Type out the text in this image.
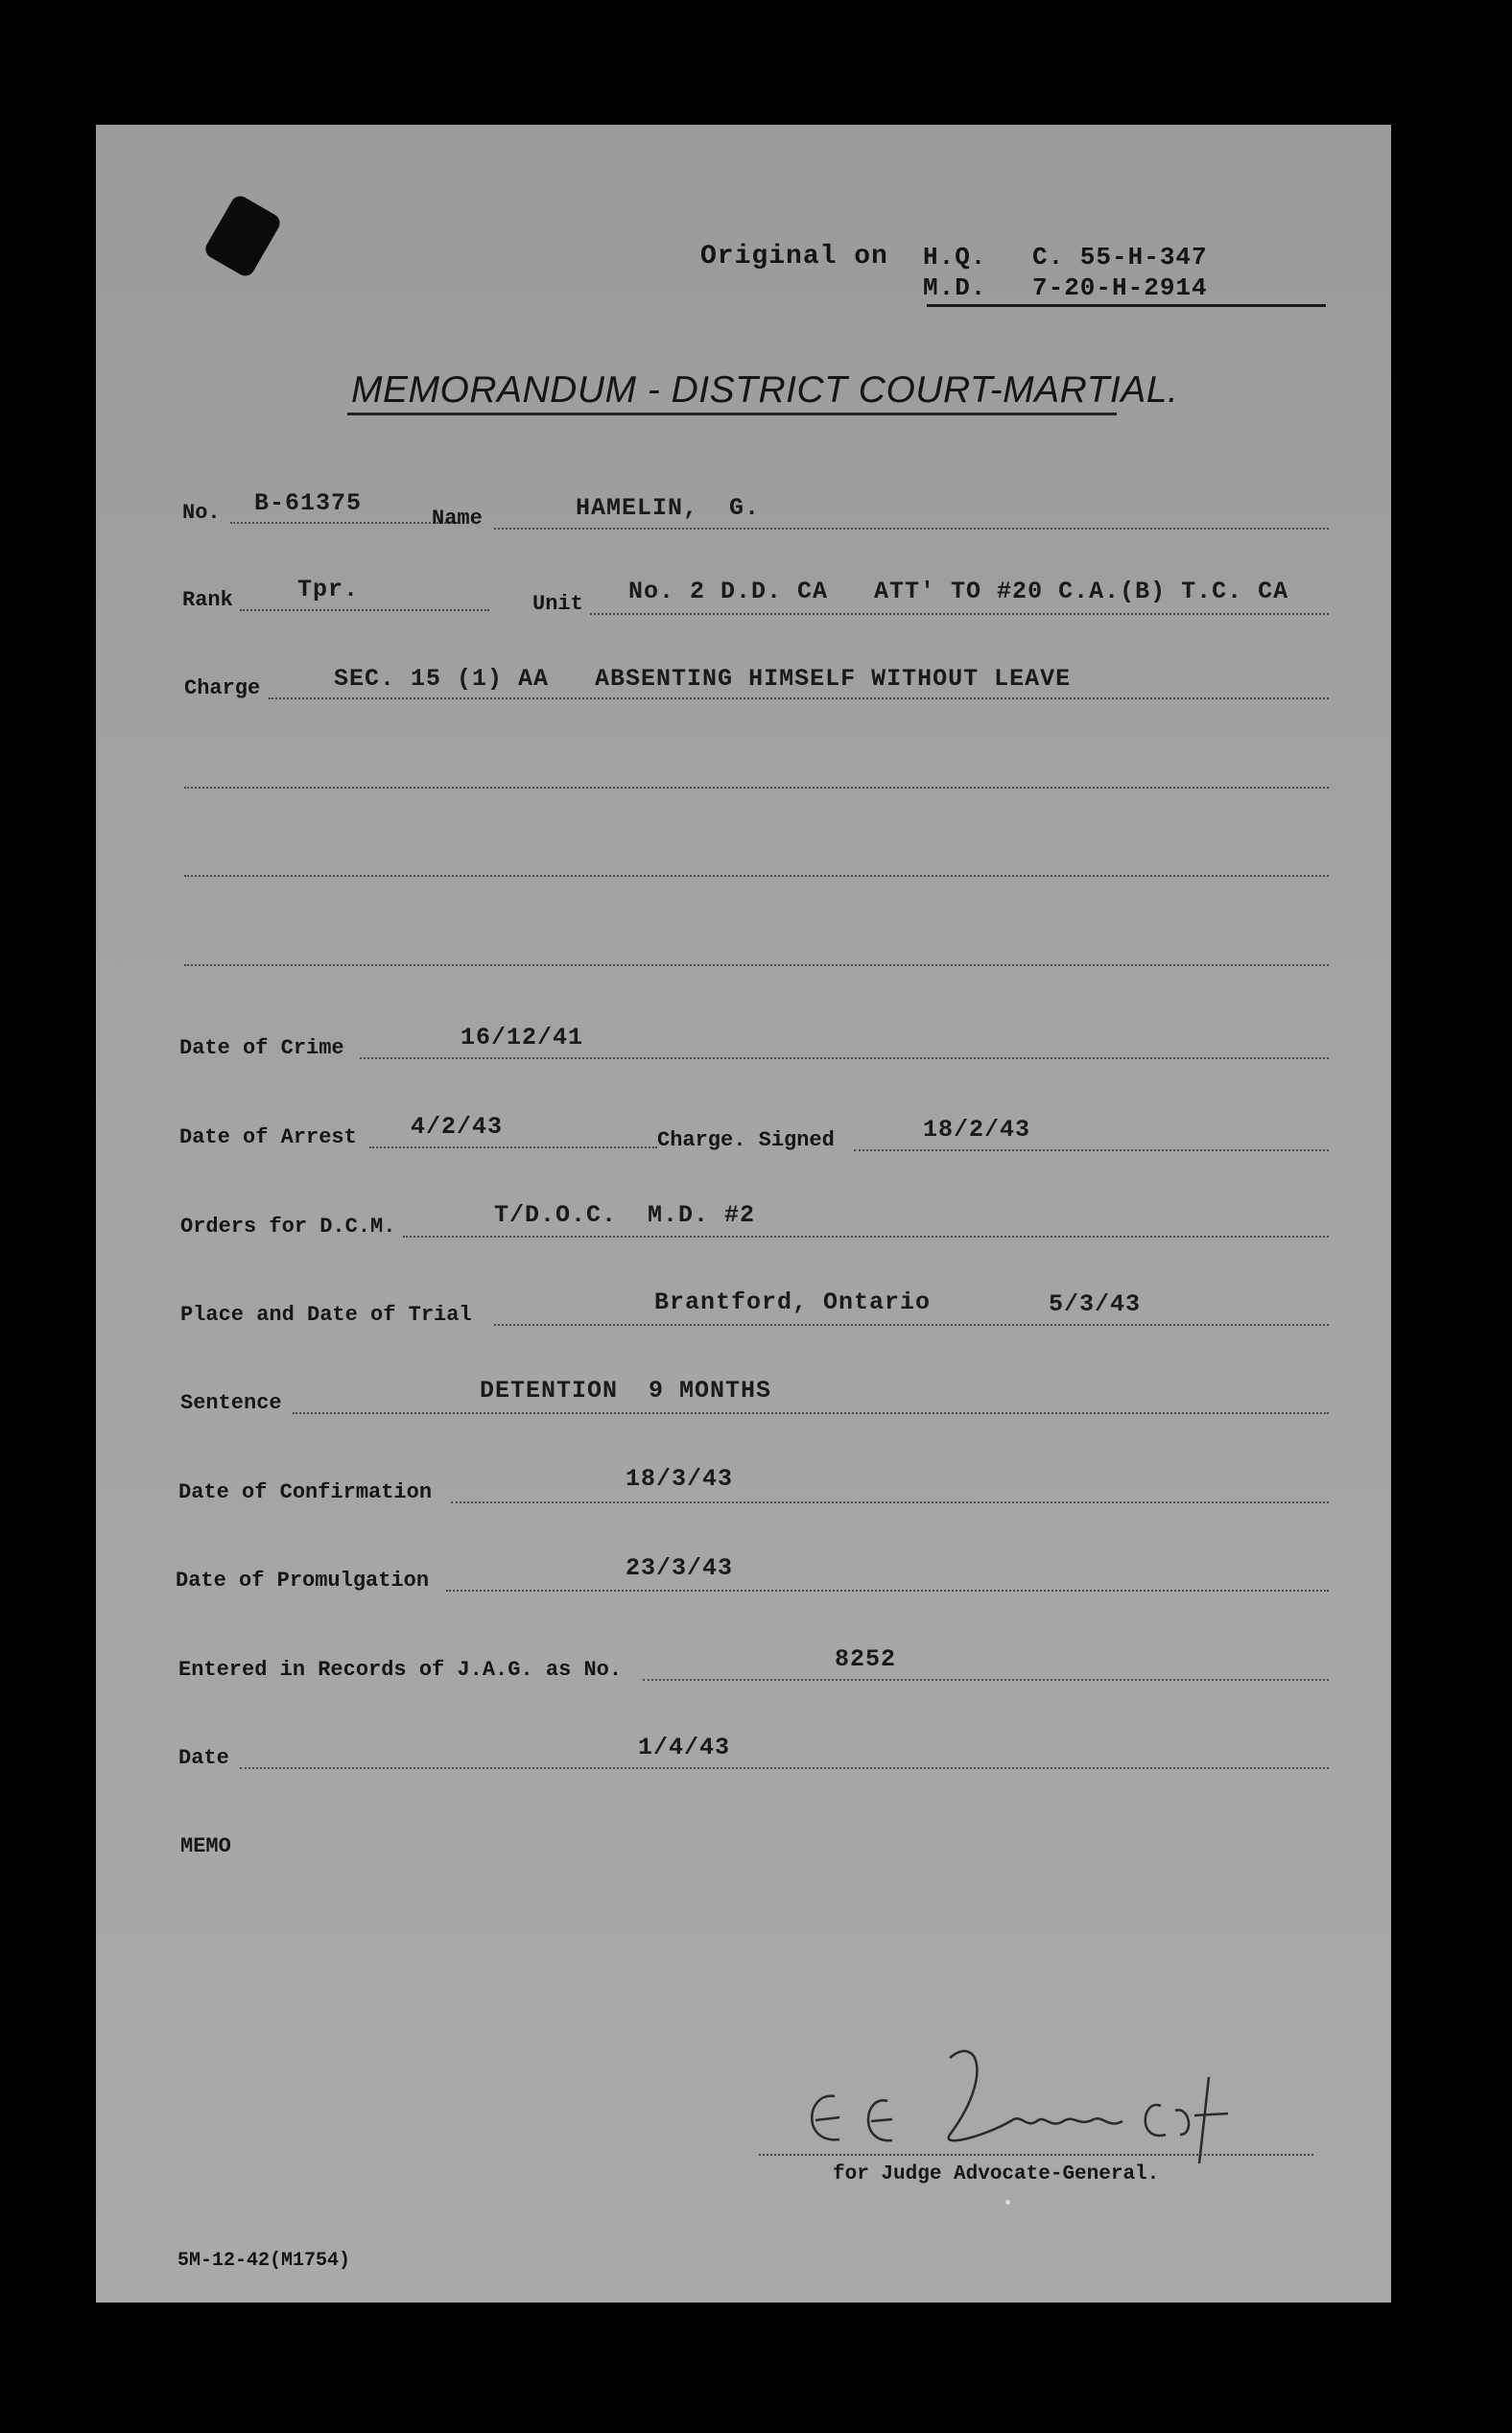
Original on H.Q. C. 55-H-347
M.D. 7-20-H-2914
MEMORANDUM - DISTRICT COURT-MARTIAL.
No. B-61375
Name	HAMELIN,  G.
Rank	Tpr.
Unit No. 2 D.D. CA   ATT' TO #20 C.A.(B) T.C. CA
Charge	SEC. 15 (1) AA   ABSENTING HIMSELF WITHOUT LEAVE
Date of Crime	16/12/41
Date of Arrest 4/2/43	Charge. Signed	18/2/43
Orders for D.C.M.	T/D.O.C.  M.D. #2
Place and Date of Trial	Brantford, Ontario	5/3/43
Sentence	DETENTION  9 MONTHS
Date of Confirmation	18/3/43
Date of Promulgation	23/3/43
Entered in Records of J.A.G. as No.	8252
Date	1/4/43
MEMO
for Judge Advocate-General.
5M-12-42(M1754)
